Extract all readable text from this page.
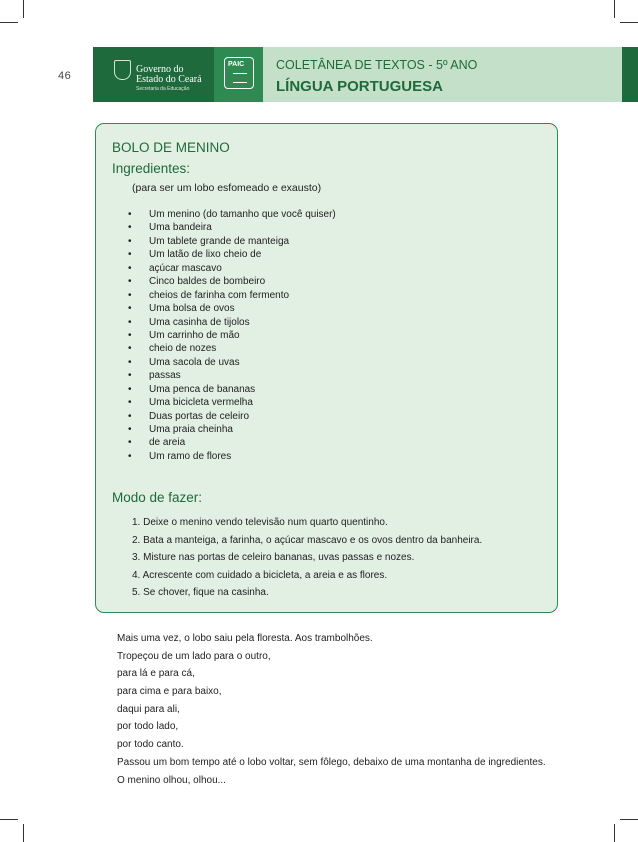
46
Governo do
Estado do Ceará
Secretaria da Educação
PAIC	COLETÂNEA DE TEXTOS - 5º ANO
LÍNGUA PORTUGUESA
BOLO DE MENINO
Ingredientes:
(para ser um lobo esfomeado e exausto)
• Um menino (do tamanho que você quiser)
• Uma bandeira
• Um tablete grande de manteiga
• Um latão de lixo cheio de
• açúcar mascavo
• Cinco baldes de bombeiro
• cheios de farinha com fermento
• Uma bolsa de ovos
• Uma casinha de tijolos
• Um carrinho de mão
• cheio de nozes
• Uma sacola de uvas
• passas
• Uma penca de bananas
• Uma bicicleta vermelha
• Duas portas de celeiro
• Uma praia cheinha
• de areia
• Um ramo de flores
Modo de fazer:
1. Deixe o menino vendo televisão num quarto quentinho.
2. Bata a manteiga, a farinha, o açúcar mascavo e os ovos dentro da banheira.
3. Misture nas portas de celeiro bananas, uvas passas e nozes.
4. Acrescente com cuidado a bicicleta, a areia e as flores.
5. Se chover, fique na casinha.
Mais uma vez, o lobo saiu pela floresta. Aos trambolhões.
Tropeçou de um lado para o outro,
para lá e para cá,
para cima e para baixo,
daqui para ali,
por todo lado,
por todo canto.
Passou um bom tempo até o lobo voltar, sem fôlego, debaixo de uma montanha de ingredientes.
O menino olhou, olhou...
